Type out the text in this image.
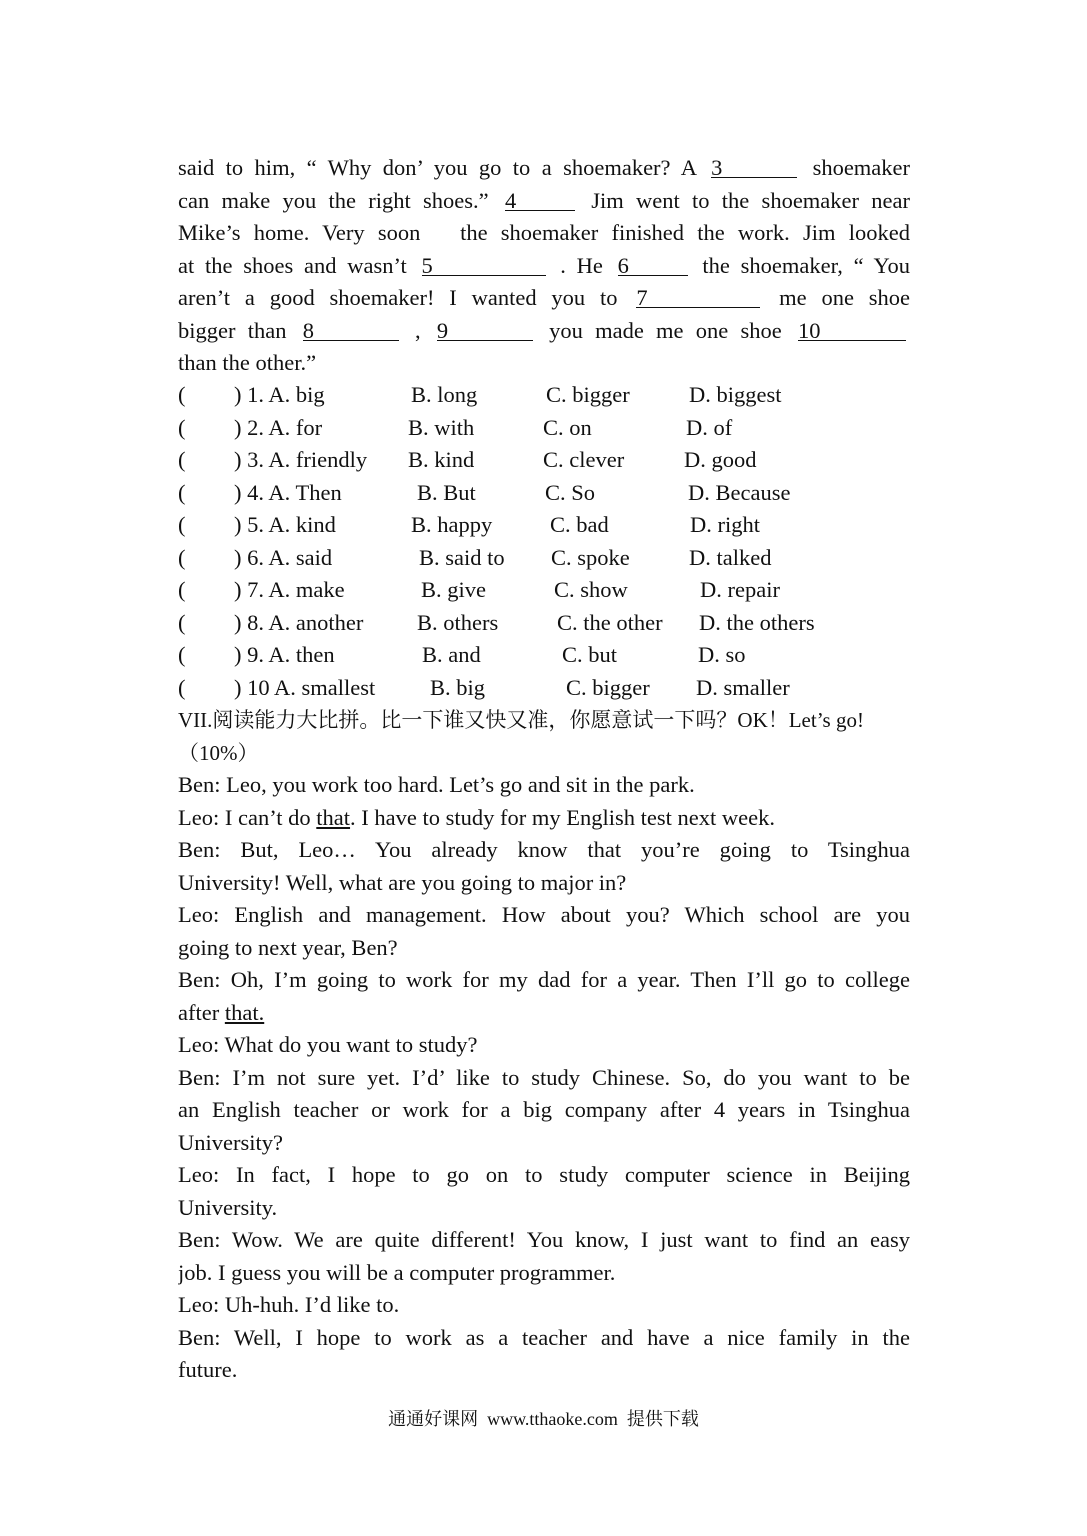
said to him, “ Why don’ you go to a shoemaker? A 3	shoemaker
can make you the right shoes.” 4	Jim went to the shoemaker near
Mike’s home. Very soon   the shoemaker finished the work. Jim looked
at the shoes and wasn’t 5	. He 6	the shoemaker, “ You
aren’t a good shoemaker! I wanted you to 7	me one shoe
bigger than 8	, 9	you made me one shoe 10
than the other.”
( ) 1. A. big	B. long	C. bigger	D. biggest
( ) 2. A. for	B. with	C. on	D. of
( ) 3. A. friendly B. kind	C. clever	D. good
( ) 4. A. Then	B. But	C. So	D. Because
( ) 5. A. kind	B. happy	C. bad	D. right
( ) 6. A. said	B. said to C. spoke	D. talked
( ) 7. A. make	B. give	C. show	D. repair
( ) 8. A. another B. others	C. the other D. the others
( ) 9. A. then	B. and	C. but	D. so
( ) 10 A. smallest B. big	C. bigger D. smaller
VII.阅读能力大比拼。比一下谁又快又准，你愿意试一下吗？OK！Let’s go!
（10%）
Ben: Leo, you work too hard. Let’s go and sit in the park.
Leo: I can’t do that. I have to study for my English test next week.
Ben: But, Leo… You already know that you’re going to Tsinghua
University! Well, what are you going to major in?
Leo: English and management. How about you? Which school are you
going to next year, Ben?
Ben: Oh, I’m going to work for my dad for a year. Then I’ll go to college
after that.
Leo: What do you want to study?
Ben: I’m not sure yet. I’d’ like to study Chinese. So, do you want to be
an English teacher or work for a big company after 4 years in Tsinghua
University?
Leo: In fact, I hope to go on to study computer science in Beijing
University.
Ben: Wow. We are quite different! You know, I just want to find an easy
job. I guess you will be a computer programmer.
Leo: Uh-huh. I’d like to.
Ben: Well, I hope to work as a teacher and have a nice family in the
future.
通通好课网  www.tthaoke.com  提供下载
